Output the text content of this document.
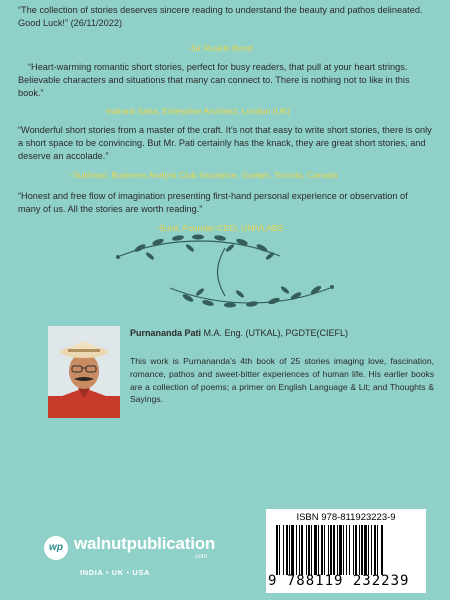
“The collection of stories deserves sincere reading to understand the beauty and pathos delineated. Good Luck!” (26/11/2022)

-Sir Ruskin Bond

“Heart-warming romantic short stories, perfect for busy readers, that pull at your heart strings. Believable characters and situations that many can connect to. There is nothing not to like in this book.”

-Indranil Saha, Enterprise Architect, London (UK)

“Wonderful short stories from a master of the craft. It’s not that easy to write short stories, there is only a short space to be convincing. But Mr. Pati certainly has the knack, they are great short stories, and deserve an accolade.”

-Subhasri, Business Analyst Club Insurance, Guelph, Toronto, Canada

“Honest and free flow of imagination presenting first-hand personal experience or observation of many of us. All the stories are worth reading.”

-Sunil, Founder-CEO, UNIVLABS

Purnananda Pati M.A. Eng. (UTKAL), PGDTE(CIEFL)

This work is Purnananda’s 4th book of 25 stories imaging love, fascination, romance, pathos and sweet-bitter experiences of human life. His earlier books are a collection of poems; a primer on English Language & Lit; and Thoughts & Sayings.

wp walnutpublication
.com
INDIA • UK • USA
ISBN 978-811923223-9
9 788119 232239
